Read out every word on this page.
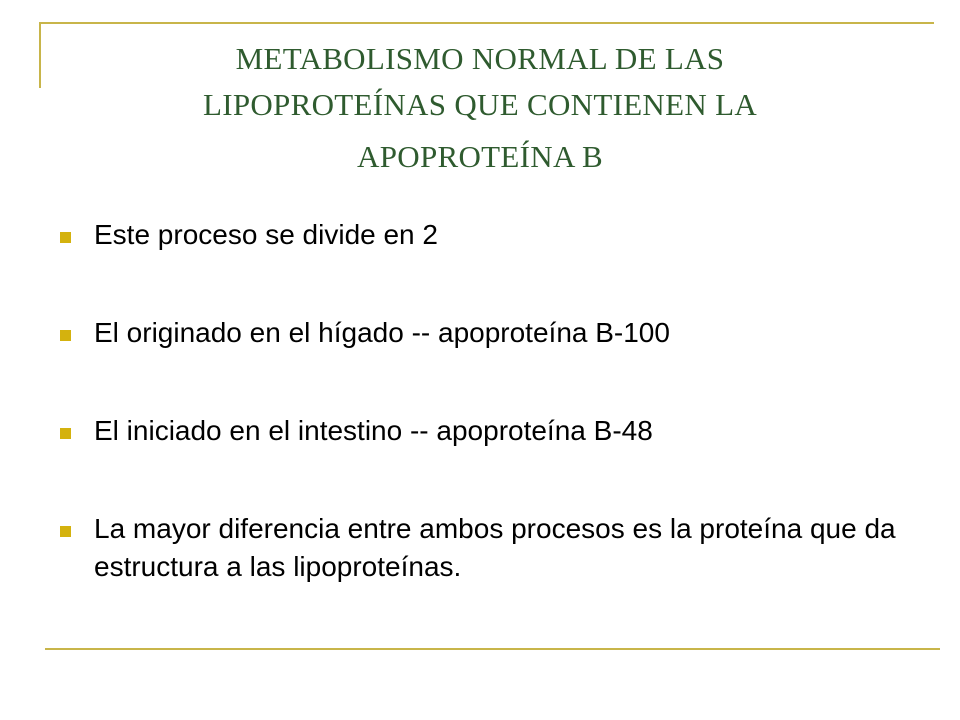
METABOLISMO NORMAL DE LAS
LIPOPROTEÍNAS QUE CONTIENEN LA
APOPROTEÍNA B
Este proceso se divide en 2
El originado en el hígado -- apoproteína B-100
El iniciado en el intestino -- apoproteína B-48
La mayor diferencia entre ambos procesos es la proteína que da estructura a las lipoproteínas.
